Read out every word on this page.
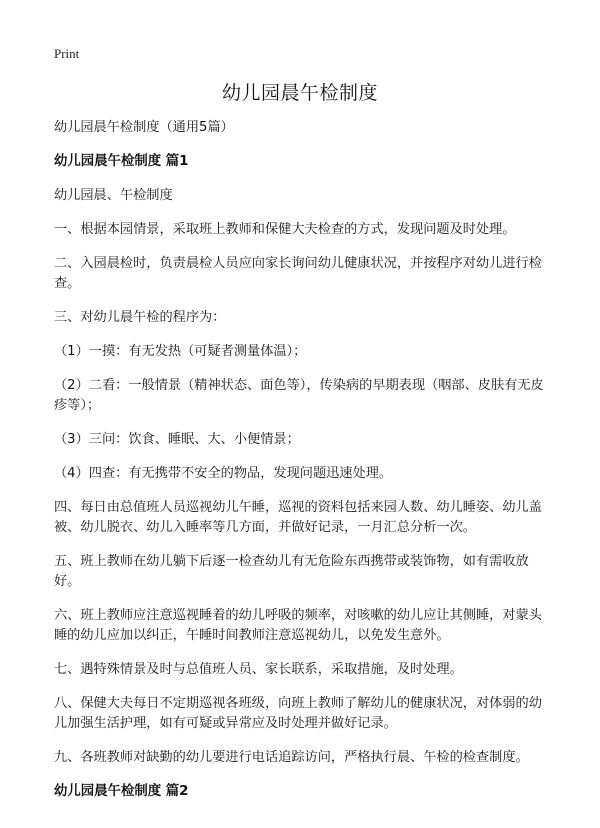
Print
幼儿园晨午检制度
幼儿园晨午检制度（通用5篇）
幼儿园晨午检制度 篇1
幼儿园晨、午检制度
一、根据本园情景，采取班上教师和保健大夫检查的方式，发现问题及时处理。
二、入园晨检时，负责晨检人员应向家长询问幼儿健康状况，并按程序对幼儿进行检查。
三、对幼儿晨午检的程序为：
（1）一摸：有无发热（可疑者测量体温）；
（2）二看：一般情景（精神状态、面色等），传染病的早期表现（咽部、皮肤有无皮疹等）；
（3）三问：饮食、睡眠、大、小便情景；
（4）四查：有无携带不安全的物品，发现问题迅速处理。
四、每日由总值班人员巡视幼儿午睡，巡视的资料包括来园人数、幼儿睡姿、幼儿盖被、幼儿脱衣、幼儿入睡率等几方面，并做好记录，一月汇总分析一次。
五、班上教师在幼儿躺下后逐一检查幼儿有无危险东西携带或装饰物，如有需收放好。
六、班上教师应注意巡视睡着的幼儿呼吸的频率，对咳嗽的幼儿应让其侧睡，对蒙头睡的幼儿应加以纠正，午睡时间教师注意巡视幼儿，以免发生意外。
七、遇特殊情景及时与总值班人员、家长联系，采取措施，及时处理。
八、保健大夫每日不定期巡视各班级，向班上教师了解幼儿的健康状况，对体弱的幼儿加强生活护理，如有可疑或异常应及时处理并做好记录。
九、各班教师对缺勤的幼儿要进行电话追踪访问，严格执行晨、午检的检查制度。
幼儿园晨午检制度 篇2
